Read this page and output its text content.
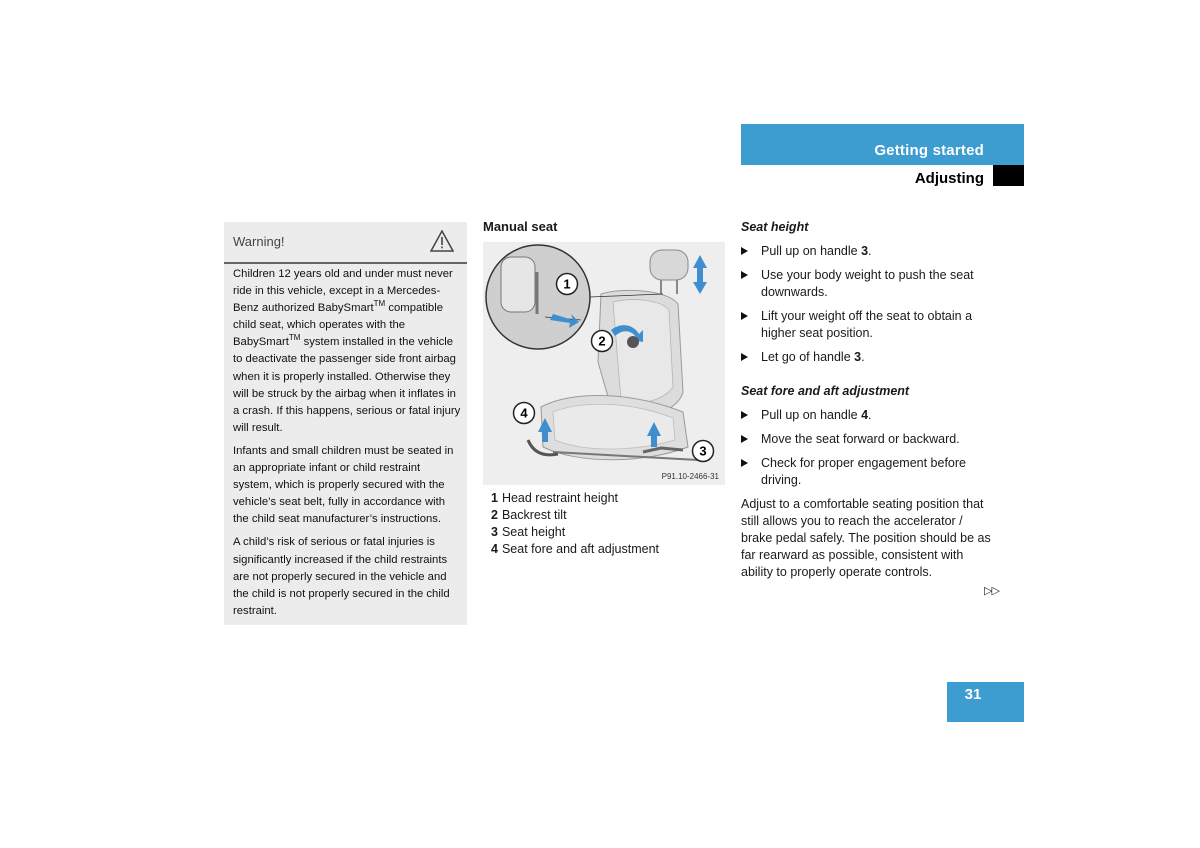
Getting started
Adjusting
Warning!

Children 12 years old and under must never ride in this vehicle, except in a Mercedes-Benz authorized BabySmart™ compatible child seat, which operates with the BabySmart™ system installed in the vehicle to deactivate the passenger side front airbag when it is properly installed. Otherwise they will be struck by the airbag when it inflates in a crash. If this happens, serious or fatal injury will result.

Infants and small children must be seated in an appropriate infant or child restraint system, which is properly secured with the vehicle’s seat belt, fully in accordance with the child seat manufacturer’s instructions.

A child’s risk of serious or fatal injuries is significantly increased if the child restraints are not properly secured in the vehicle and the child is not properly secured in the child restraint.

Manual seat
1
2
3
4
P91.10-2466-31
1 Head restraint height
2 Backrest tilt
3 Seat height
4 Seat fore and aft adjustment
Seat height
Pull up on handle 3.
Use your body weight to push the seat downwards.
Lift your weight off the seat to obtain a higher seat position.
Let go of handle 3.
Seat fore and aft adjustment
Pull up on handle 4.
Move the seat forward or backward.
Check for proper engagement before driving.

Adjust to a comfortable seating position that still allows you to reach the accelerator / brake pedal safely. The position should be as far rearward as possible, consistent with ability to properly operate controls.

▷▷
31
